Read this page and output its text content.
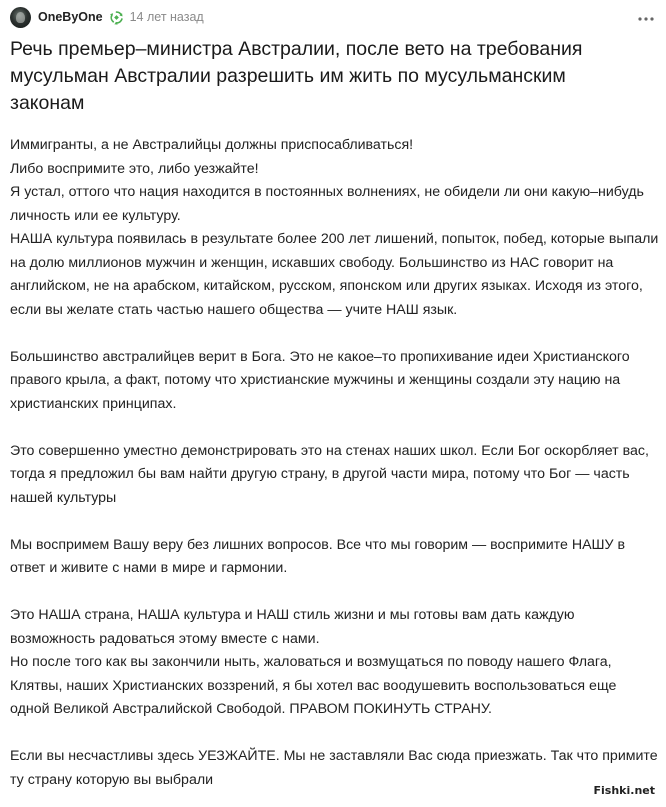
OneByOne 14 лет назад
Речь премьер–министра Австралии, после вето на требования
мусульман Австралии разрешить им жить по мусульманским
законам

Иммигранты, а не Австралийцы должны приспосабливаться!

Либо воспримите это, либо уезжайте!

Я устал, оттого что нация находится в постоянных волнениях, не обидели ли они какую–нибудь

личность или ее культуру.

НАША культура появилась в результате более 200 лет лишений, попыток, побед, которые выпали

на долю миллионов мужчин и женщин, искавших свободу. Большинство из НАС говорит на

английском, не на арабском, китайском, русском, японском или других языках. Исходя из этого,

если вы желате стать частью нашего общества — учите НАШ язык.

Большинство австралийцев верит в Бога. Это не какое–то пропихивание идеи Христианского

правого крыла, а факт, потому что христианские мужчины и женщины создали эту нацию на

христианских принципах.

Это совершенно уместно демонстрировать это на стенах наших школ. Если Бог оскорбляет вас,

тогда я предложил бы вам найти другую страну, в другой части мира, потому что Бог — часть

нашей культуры

Мы воспримем Вашу веру без лишних вопросов. Все что мы говорим — воспримите НАШУ в

ответ и живите с нами в мире и гармонии.

Это НАША страна, НАША культура и НАШ стиль жизни и мы готовы вам дать каждую

возможность радоваться этому вместе с нами.

Но после того как вы закончили ныть, жаловаться и возмущаться по поводу нашего Флага,

Клятвы, наших Христианских воззрений, я бы хотел вас воодушевить воспользоваться еще

одной Великой Австралийской Свободой. ПРАВОМ ПОКИНУТЬ СТРАНУ.

Если вы несчастливы здесь УЕЗЖАЙТЕ. Мы не заставляли Вас сюда приезжать. Так что примите

ту страну которую вы выбрали

Fishki.net
